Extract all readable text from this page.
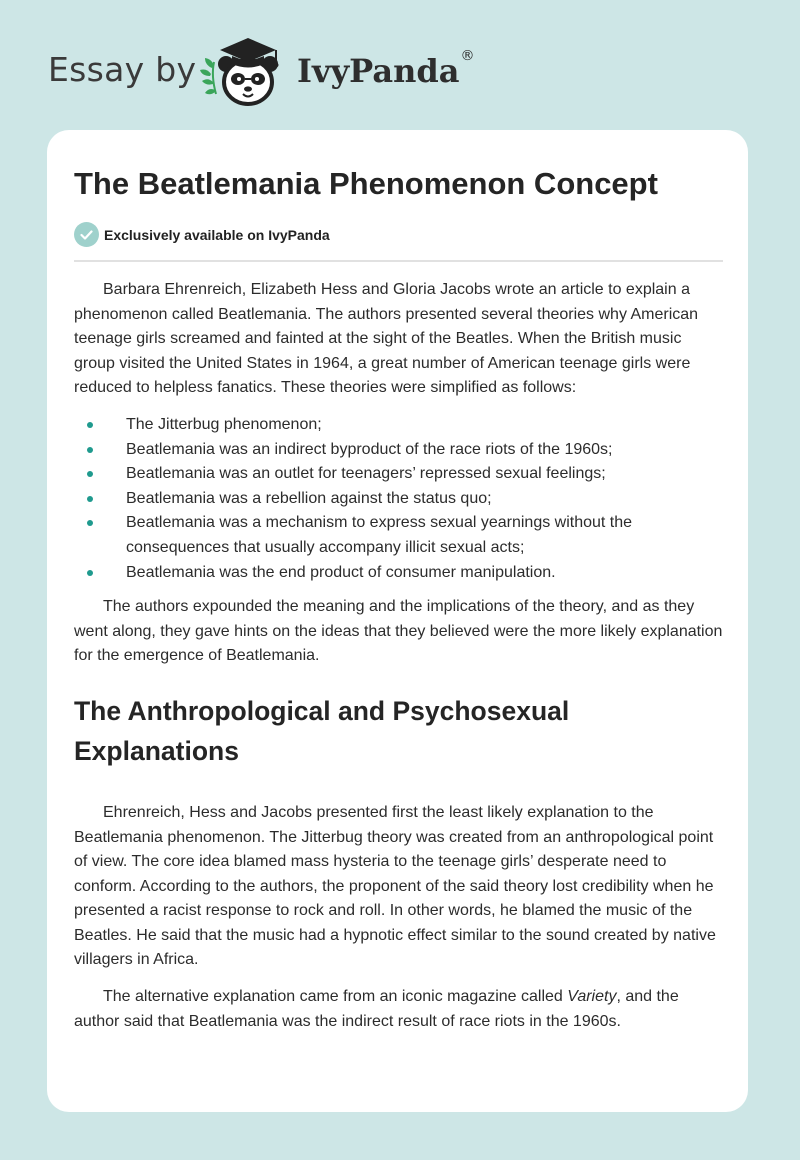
Essay by	IvyPanda®
The Beatlemania Phenomenon Concept
Exclusively available on IvyPanda

Barbara Ehrenreich, Elizabeth Hess and Gloria Jacobs wrote an article to explain a phenomenon called Beatlemania. The authors presented several theories why American teenage girls screamed and fainted at the sight of the Beatles. When the British music group visited the United States in 1964, a great number of American teenage girls were reduced to helpless fanatics. These theories were simplified as follows:

The Jitterbug phenomenon;
Beatlemania was an indirect byproduct of the race riots of the 1960s;
Beatlemania was an outlet for teenagers’ repressed sexual feelings;
Beatlemania was a rebellion against the status quo;
Beatlemania was a mechanism to express sexual yearnings without the consequences that usually accompany illicit sexual acts;
Beatlemania was the end product of consumer manipulation.

The authors expounded the meaning and the implications of the theory, and as they went along, they gave hints on the ideas that they believed were the more likely explanation for the emergence of Beatlemania.

The Anthropological and Psychosexual Explanations

Ehrenreich, Hess and Jacobs presented first the least likely explanation to the Beatlemania phenomenon. The Jitterbug theory was created from an anthropological point of view. The core idea blamed mass hysteria to the teenage girls’ desperate need to conform. According to the authors, the proponent of the said theory lost credibility when he presented a racist response to rock and roll. In other words, he blamed the music of the Beatles. He said that the music had a hypnotic effect similar to the sound created by native villagers in Africa.

The alternative explanation came from an iconic magazine called Variety, and the author said that Beatlemania was the indirect result of race riots in the 1960s.
